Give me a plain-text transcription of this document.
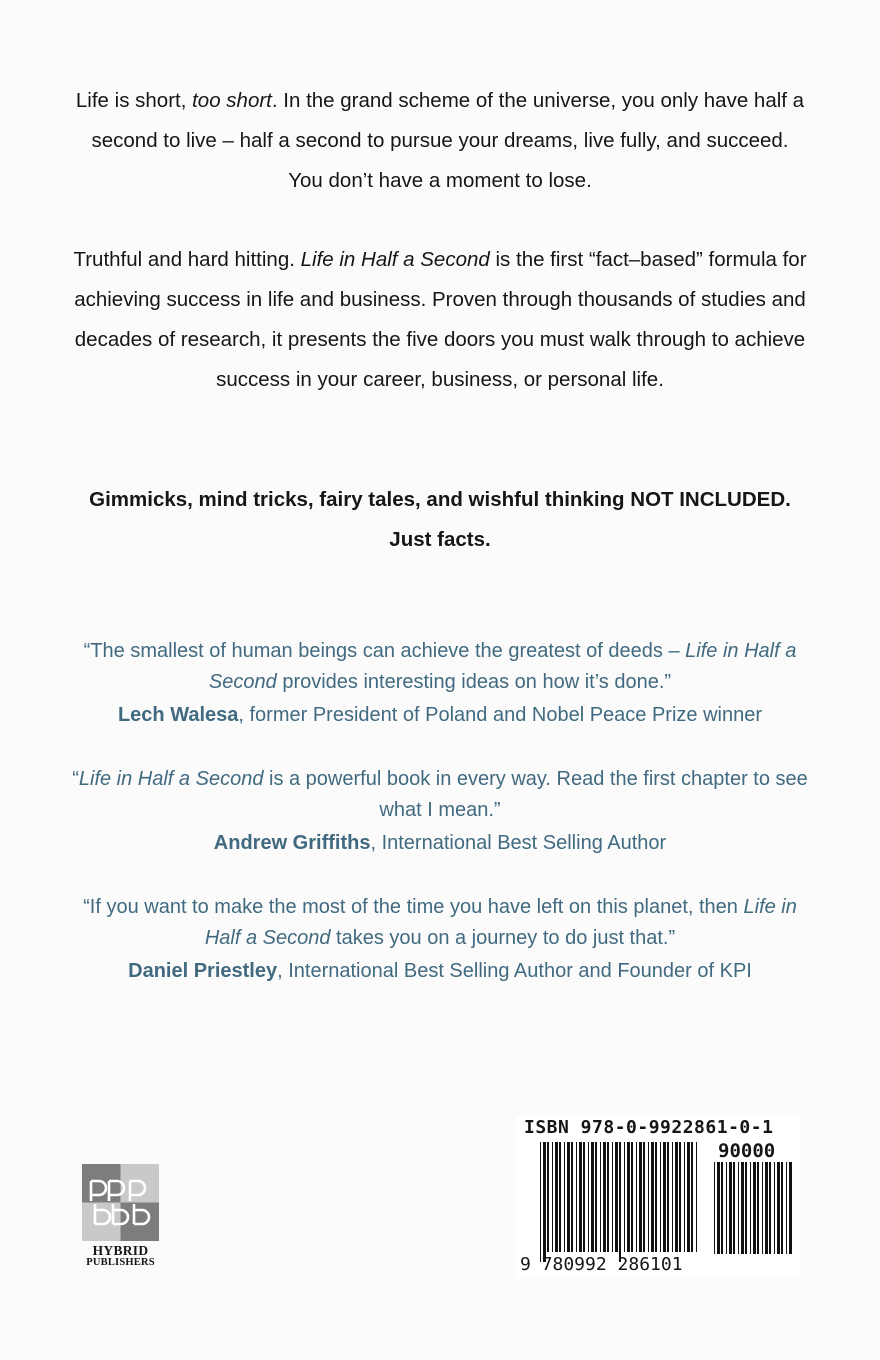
Life is short, too short. In the grand scheme of the universe, you only have half a second to live – half a second to pursue your dreams, live fully, and succeed. You don’t have a moment to lose.
Truthful and hard hitting. Life in Half a Second is the first “fact–based” formula for achieving success in life and business. Proven through thousands of studies and decades of research, it presents the five doors you must walk through to achieve success in your career, business, or personal life.
Gimmicks, mind tricks, fairy tales, and wishful thinking NOT INCLUDED. Just facts.
“The smallest of human beings can achieve the greatest of deeds – Life in Half a Second provides interesting ideas on how it’s done.”
Lech Walesa, former President of Poland and Nobel Peace Prize winner
“Life in Half a Second is a powerful book in every way. Read the first chapter to see what I mean.”
Andrew Griffiths, International Best Selling Author
“If you want to make the most of the time you have left on this planet, then Life in Half a Second takes you on a journey to do just that.”
Daniel Priestley, International Best Selling Author and Founder of KPI
HYBRID
PUBLISHERS
ISBN 978-0-9922861-0-1
90000
9 780992 286101
